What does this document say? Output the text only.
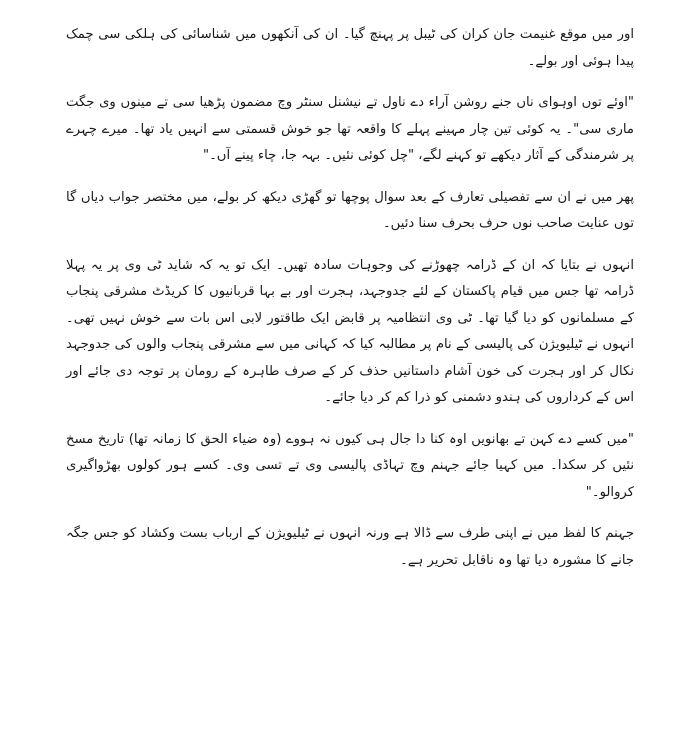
اور میں موقع غنیمت جان کران کی ٹیبل پر پہنچ گیا۔ ان کی آنکھوں میں شناسائی کی ہلکی سی چمک پیدا ہوئی اور بولے۔

"اوئے توں اوہوای ناں جنے روشن آراء دے ناول تے نیشنل سنٹر وچ مضمون پڑھیا سی تے مینوں وی جگت ماری سی"۔ یہ کوئی تین چار مہینے پہلے کا واقعہ تھا جو خوش قسمتی سے انہیں یاد تھا۔ میرے چہرے پر شرمندگی کے آثار دیکھے تو کہنے لگے، "چل کوئی نئیں۔ بہہ جا، چاء پینے آں۔"

پھر میں نے ان سے تفصیلی تعارف کے بعد سوال پوچھا تو گھڑی دیکھ کر بولے، میں مختصر جواب دیاں گا توں عنایت صاحب نوں حرف بحرف سنا دئیں۔

انہوں نے بتایا کہ ان کے ڈرامہ چھوڑنے کی وجوہات سادہ تھیں۔ ایک تو یہ کہ شاید ٹی وی پر یہ پہلا ڈرامہ تھا جس میں قیام پاکستان کے لئے جدوجہد، ہجرت اور بے بہا قربانیوں کا کریڈٹ مشرقی پنجاب کے مسلمانوں کو دیا گیا تھا۔ ٹی وی انتظامیہ پر قابض ایک طاقتور لابی اس بات سے خوش نہیں تھی۔ انہوں نے ٹیلیویژن کی پالیسی کے نام پر مطالبہ کیا کہ کہانی میں سے مشرقی پنجاب والوں کی جدوجہد نکال کر اور ہجرت کی خون آشام داستانیں حذف کر کے صرف طاہرہ کے رومان پر توجہ دی جائے اور اس کے کرداروں کی ہندو دشمنی کو ذرا کم کر دیا جائے۔

"میں کسے دے کہن تے بھانویں اوہ کنا دا جال ہی کیوں نہ ہووے (وہ ضیاء الحق کا زمانہ تھا) تاریخ مسخ نئیں کر سکدا۔ میں کہیا جائے جہنم وچ تہاڈی پالیسی وی تے تسی وی۔ کسے ہور کولوں بھڑواگیری کروالو۔"

جہنم کا لفظ میں نے اپنی طرف سے ڈالا ہے ورنہ انہوں نے ٹیلیویژن کے ارباب بست وکشاد کو جس جگہ جانے کا مشورہ دیا تھا وہ ناقابل تحریر ہے۔
